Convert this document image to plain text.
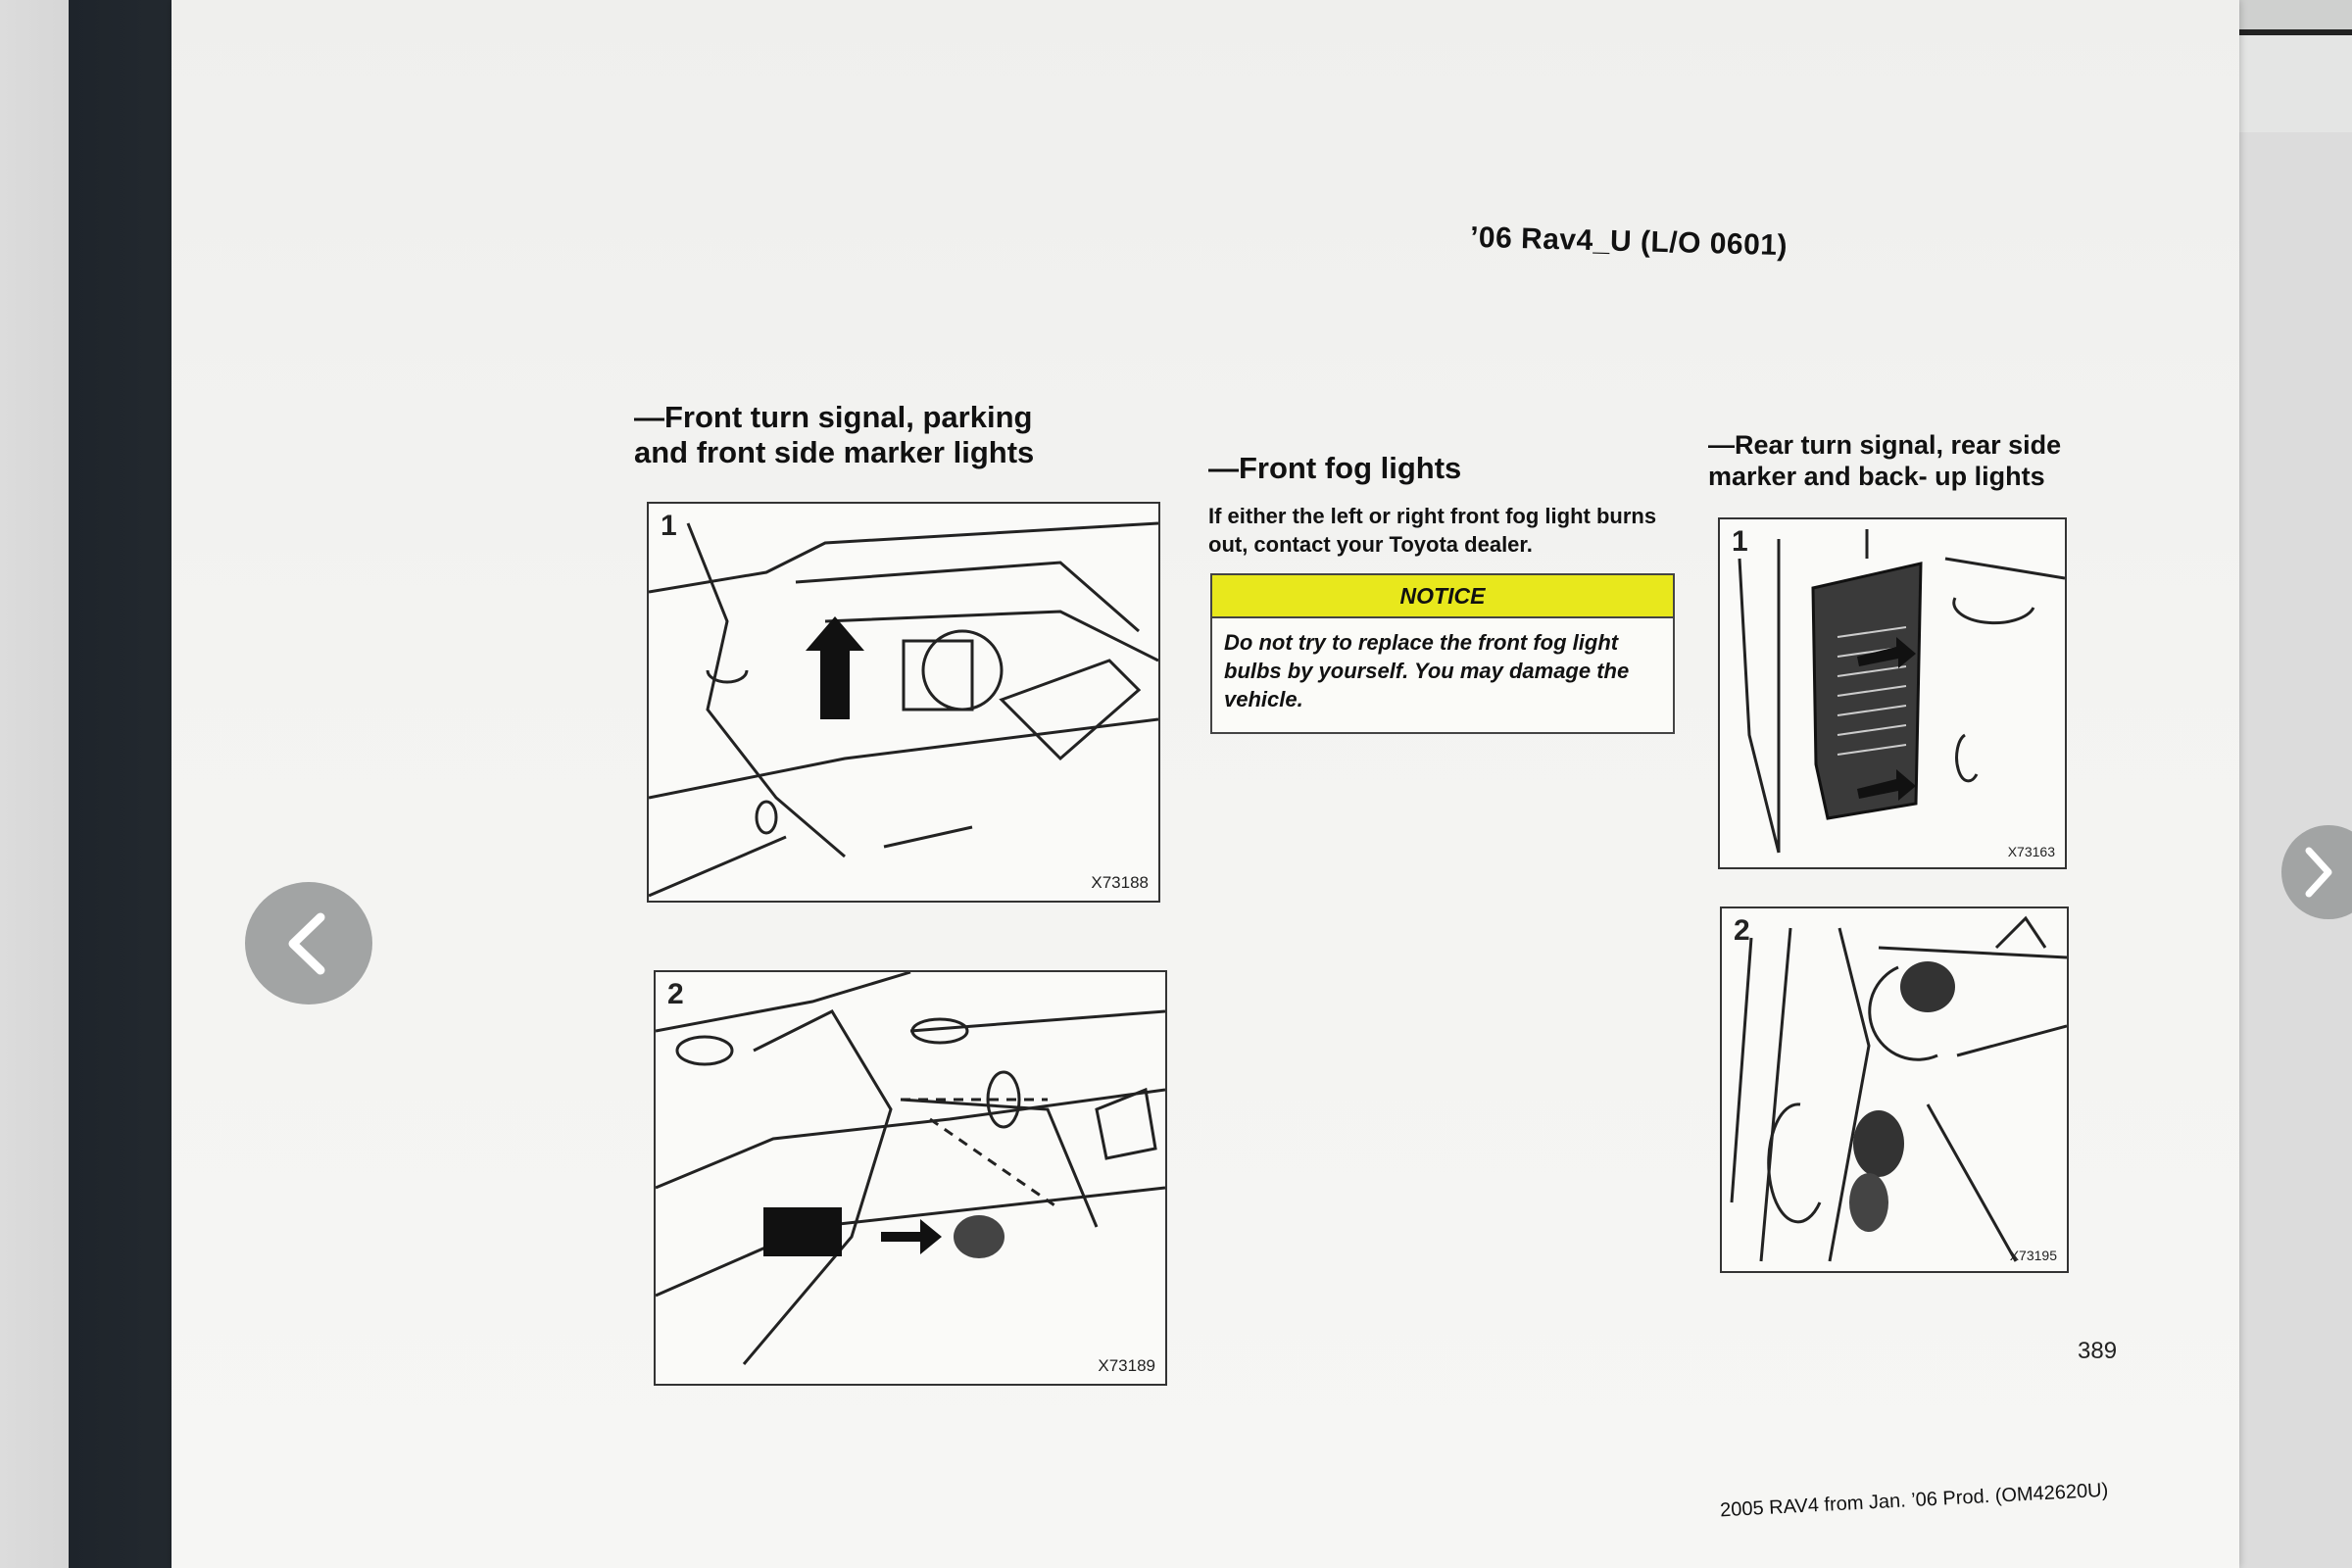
’06 Rav4_U (L/O 0601)
—Front turn signal, parking
and front side marker lights
1
X73188
2
X73189
—Front fog lights
If either the left or right front fog light burns out, contact your Toyota dealer.
NOTICE
Do not try to replace the front fog light bulbs by yourself. You may damage the vehicle.
—Rear turn signal, rear side
marker and back- up lights
1
X73163
2
X73195
389
2005 RAV4 from Jan. ’06 Prod. (OM42620U)
